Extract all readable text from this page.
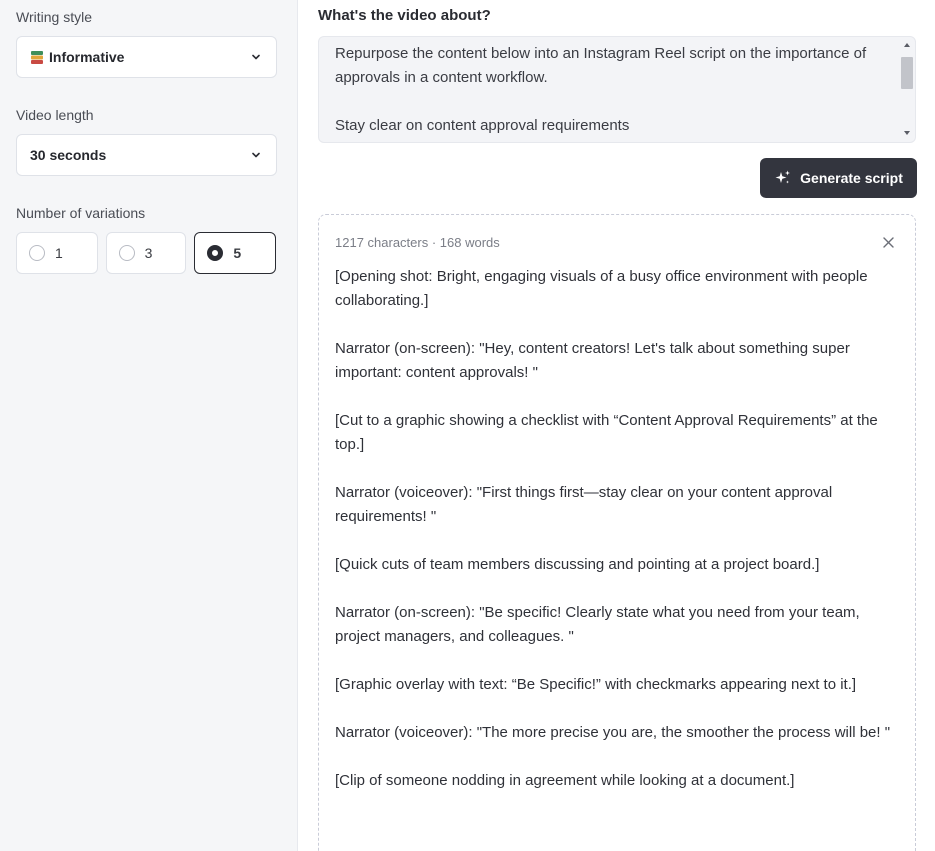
Writing style
Informative
Video length
30 seconds
Number of variations
1	3	5
What's the video about?
Repurpose the content below into an Instagram Reel script on the importance of approvals in a content workflow.

Stay clear on content approval requirements
Generate script
1217 characters · 168 words
[Opening shot: Bright, engaging visuals of a busy office environment with people collaborating.]

Narrator (on-screen): "Hey, content creators! Let's talk about something super important: content approvals! "

[Cut to a graphic showing a checklist with “Content Approval Requirements” at the top.]

Narrator (voiceover): "First things first—stay clear on your content approval requirements! "

[Quick cuts of team members discussing and pointing at a project board.]

Narrator (on-screen): "Be specific! Clearly state what you need from your team, project managers, and colleagues. "

[Graphic overlay with text: “Be Specific!” with checkmarks appearing next to it.]

Narrator (voiceover): "The more precise you are, the smoother the process will be! "

[Clip of someone nodding in agreement while looking at a document.]
